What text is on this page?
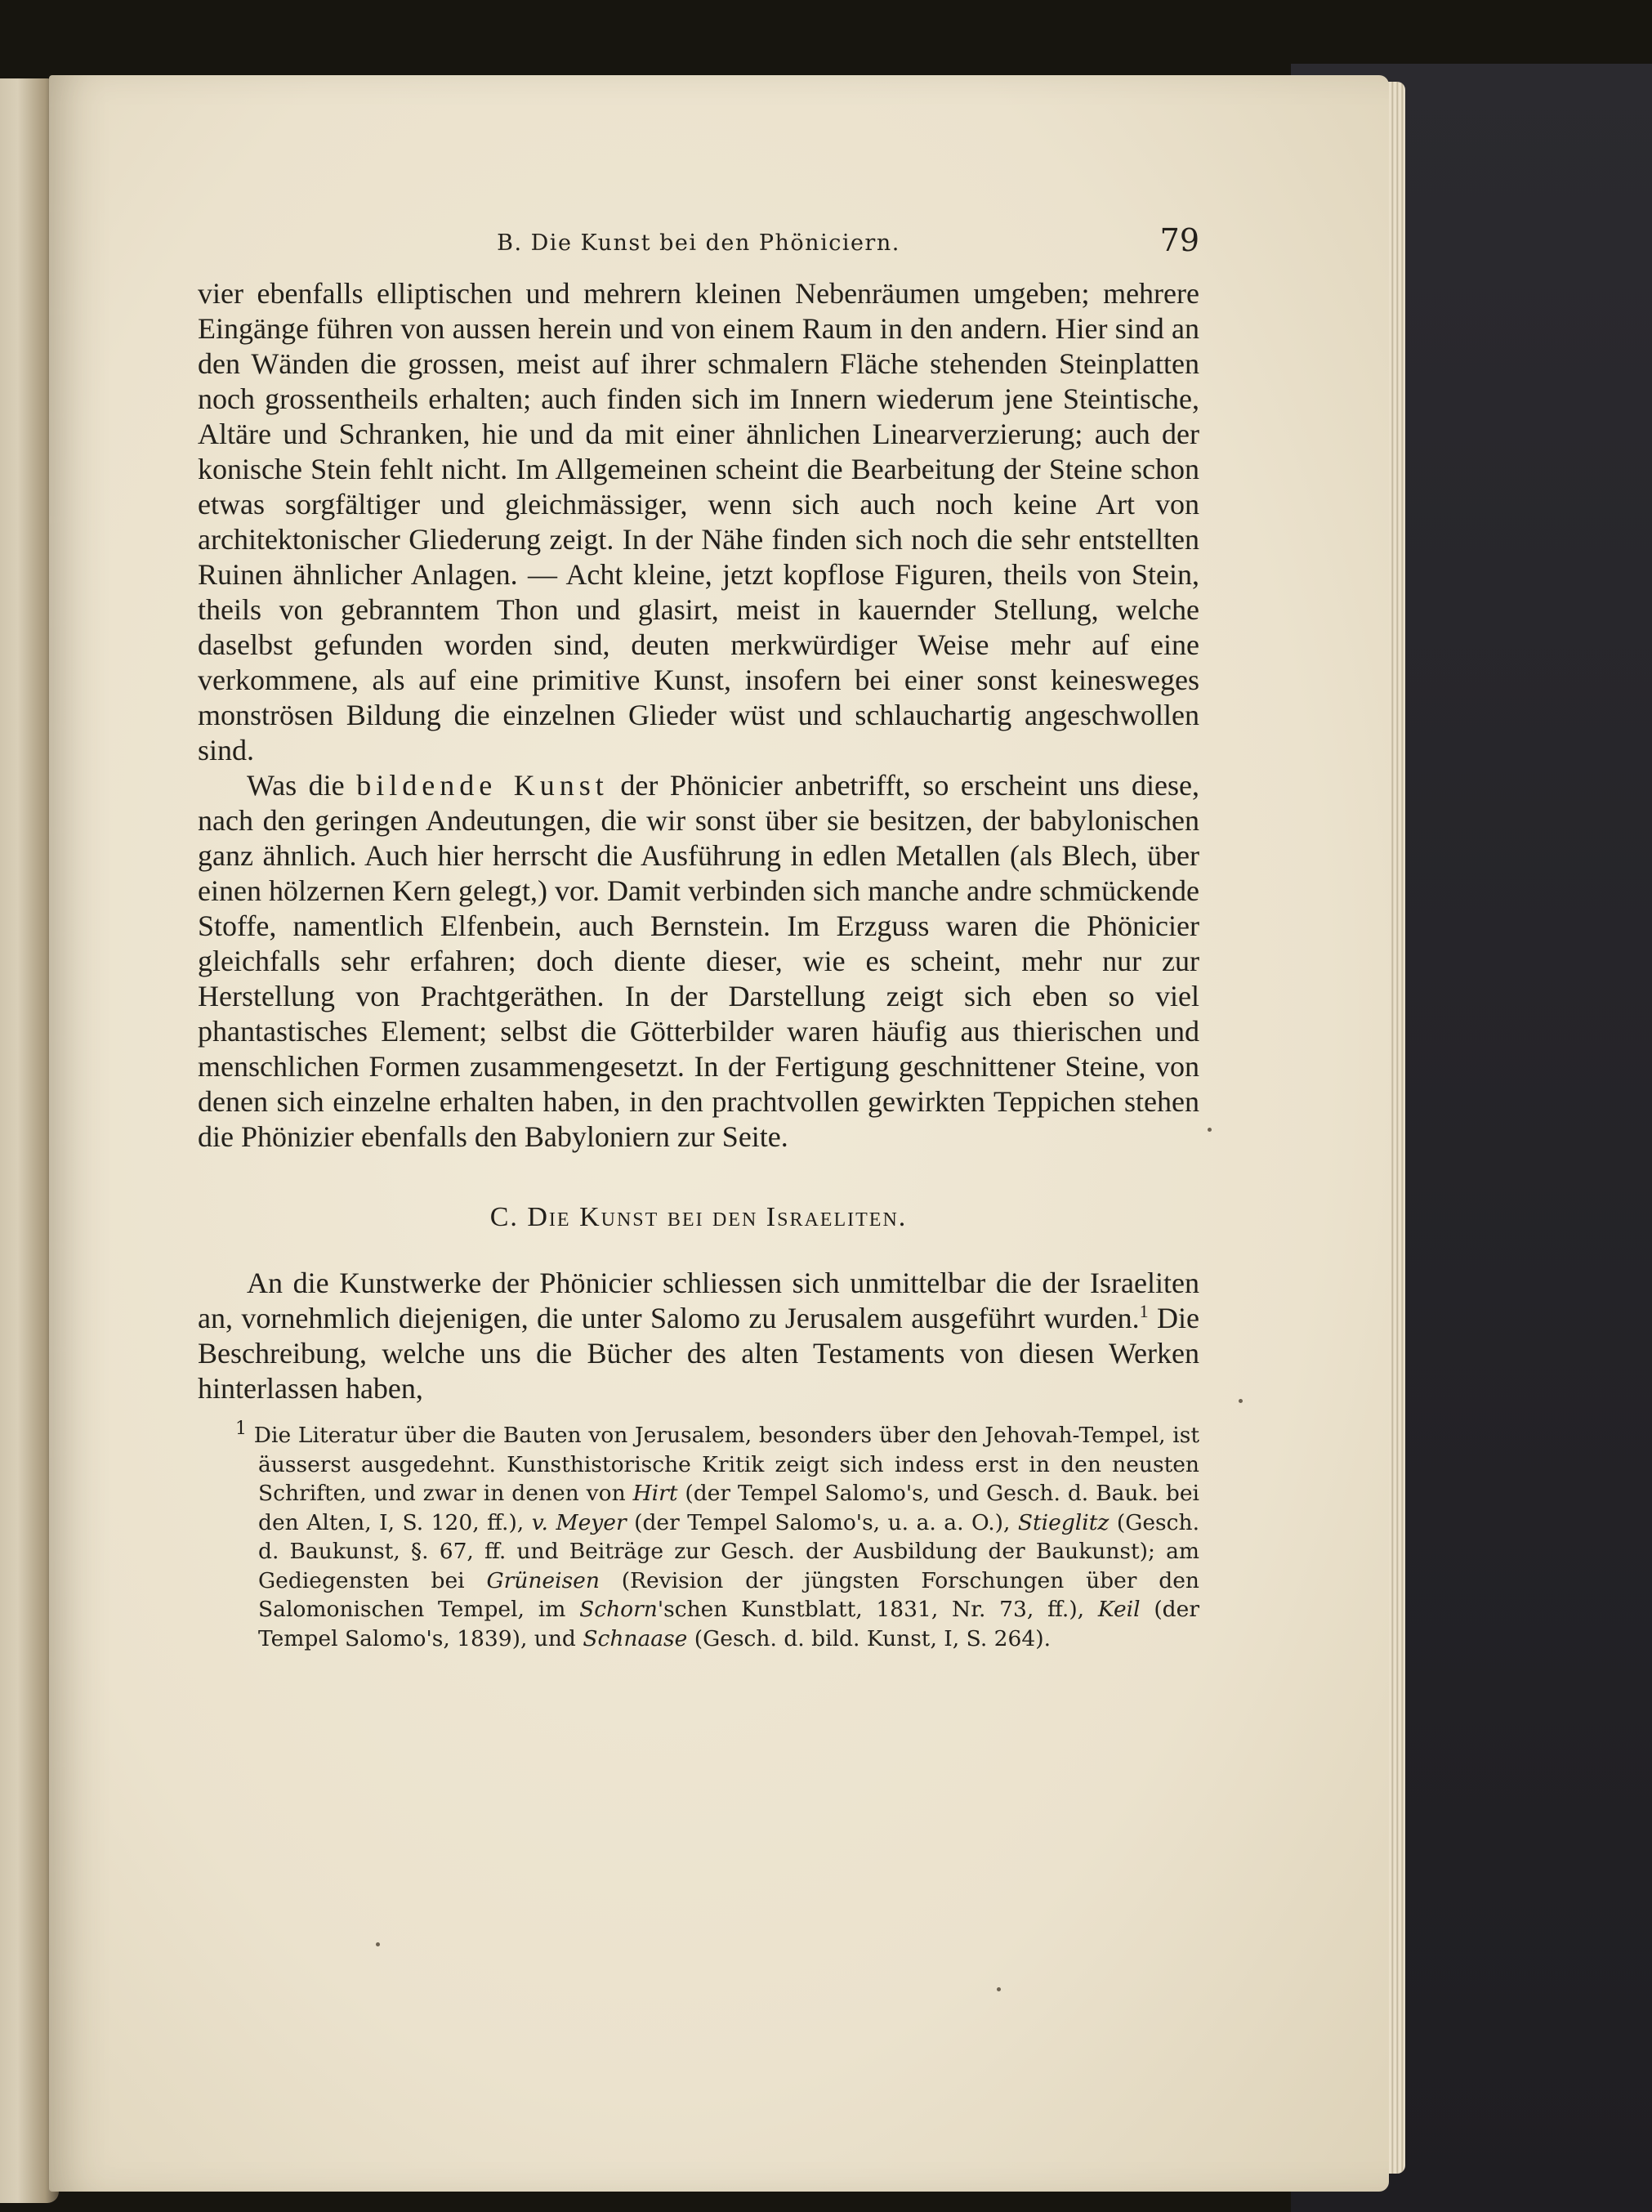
B. Die Kunst bei den Phöniciern.	79

vier ebenfalls elliptischen und mehrern kleinen Nebenräumen umgeben; mehrere Eingänge führen von aussen herein und von einem Raum in den andern. Hier sind an den Wänden die grossen, meist auf ihrer schmalern Fläche stehenden Steinplatten noch grossentheils erhalten; auch finden sich im Innern wiederum jene Steintische, Altäre und Schranken, hie und da mit einer ähnlichen Linearverzierung; auch der konische Stein fehlt nicht. Im Allgemeinen scheint die Bearbeitung der Steine schon etwas sorgfältiger und gleichmässiger, wenn sich auch noch keine Art von architektonischer Gliederung zeigt. In der Nähe finden sich noch die sehr entstellten Ruinen ähnlicher Anlagen. — Acht kleine, jetzt kopflose Figuren, theils von Stein, theils von gebranntem Thon und glasirt, meist in kauernder Stellung, welche daselbst gefunden worden sind, deuten merkwürdiger Weise mehr auf eine verkommene, als auf eine primitive Kunst, insofern bei einer sonst keinesweges monströsen Bildung die einzelnen Glieder wüst und schlauchartig angeschwollen sind.

Was die bildende Kunst der Phönicier anbetrifft, so erscheint uns diese, nach den geringen Andeutungen, die wir sonst über sie besitzen, der babylonischen ganz ähnlich. Auch hier herrscht die Ausführung in edlen Metallen (als Blech, über einen hölzernen Kern gelegt,) vor. Damit verbinden sich manche andre schmückende Stoffe, namentlich Elfenbein, auch Bernstein. Im Erzguss waren die Phönicier gleichfalls sehr erfahren; doch diente dieser, wie es scheint, mehr nur zur Herstellung von Prachtgeräthen. In der Darstellung zeigt sich eben so viel phantastisches Element; selbst die Götterbilder waren häufig aus thierischen und menschlichen Formen zusammengesetzt. In der Fertigung geschnittener Steine, von denen sich einzelne erhalten haben, in den prachtvollen gewirkten Teppichen stehen die Phönizier ebenfalls den Babyloniern zur Seite.

C. Die Kunst bei den Israeliten.

An die Kunstwerke der Phönicier schliessen sich unmittelbar die der Israeliten an, vornehmlich diejenigen, die unter Salomo zu Jerusalem ausgeführt wurden.$^1$ Die Beschreibung, welche uns die Bücher des alten Testaments von diesen Werken hinterlassen haben,

$^1$ Die Literatur über die Bauten von Jerusalem, besonders über den Jehovah-Tempel, ist äusserst ausgedehnt. Kunsthistorische Kritik zeigt sich indess erst in den neusten Schriften, und zwar in denen von Hirt (der Tempel Salomo's, und Gesch. d. Bauk. bei den Alten, I, S. 120, ff.), v. Meyer (der Tempel Salomo's, u. a. a. O.), Stieglitz (Gesch. d. Baukunst, §. 67, ff. und Beiträge zur Gesch. der Ausbildung der Baukunst); am Gediegensten bei Grüneisen (Revision der jüngsten Forschungen über den Salomonischen Tempel, im Schorn'schen Kunstblatt, 1831, Nr. 73, ff.), Keil (der Tempel Salomo's, 1839), und Schnaase (Gesch. d. bild. Kunst, I, S. 264).
